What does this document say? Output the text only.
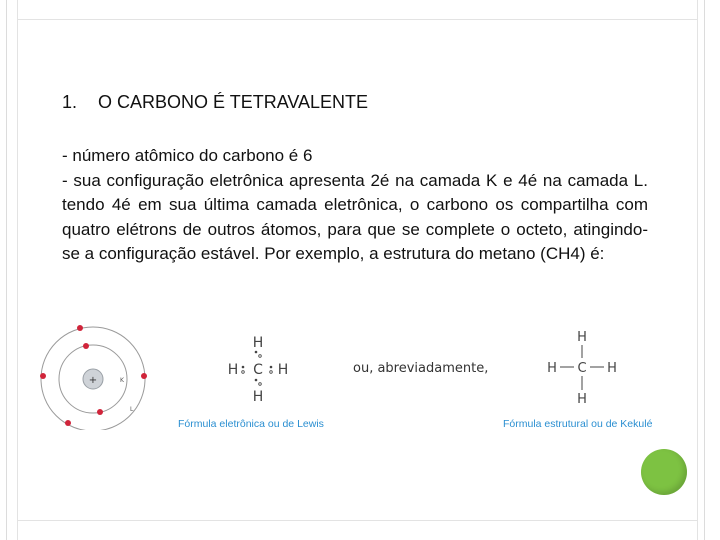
1. O CARBONO É TETRAVALENTE

- número atômico do carbono é 6

- sua configuração eletrônica apresenta 2é na camada K e 4é na camada L. tendo 4é em sua última camada eletrônica, o carbono os compartilha com quatro elétrons de outros átomos, para que se complete o octeto, atingindo-se a configuração estável. Por exemplo, a estrutura do metano (CH4) é:

+	K
L
H
C
H
H	H
Fórmula eletrônica ou de Lewis
ou, abreviadamente,
H
C
H
H	H
Fórmula estrutural ou de Kekulé
